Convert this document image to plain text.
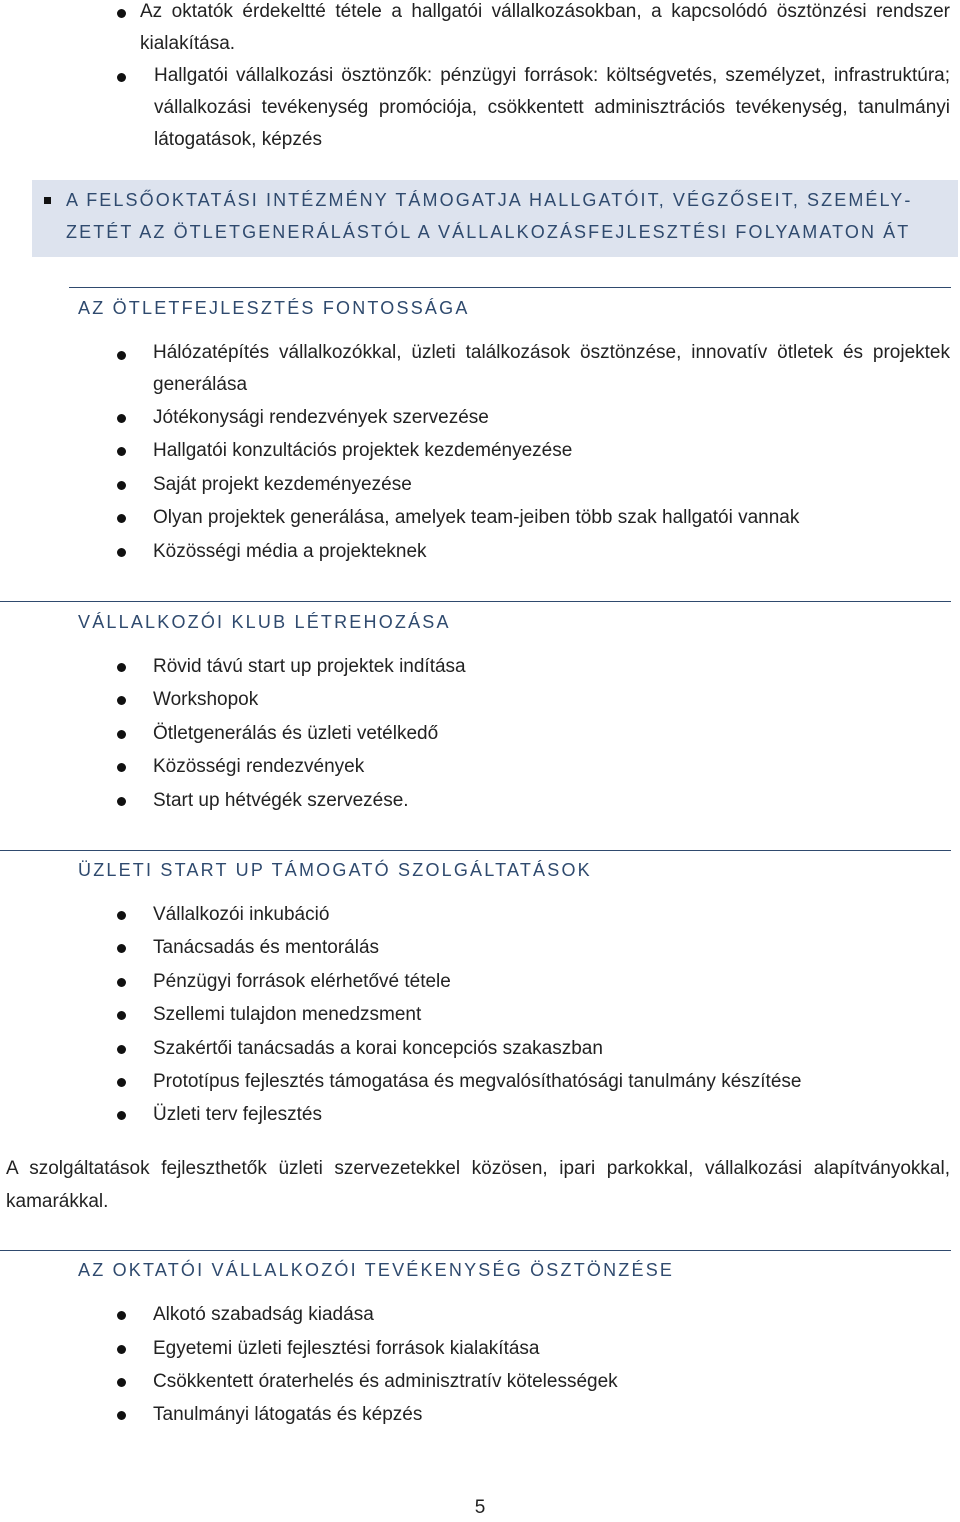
Az oktatók érdekeltté tétele a hallgatói vállalkozásokban, a kapcsolódó ösztönzési rendszer kialakítása.
Hallgatói vállalkozási ösztönzők: pénzügyi források: költségvetés, személyzet, infrastruktúra; vállalkozási tevékenység promóciója, csökkentett adminisztrációs tevékenység, tanulmányi látogatások, képzés
A FELSŐOKTATÁSI INTÉZMÉNY TÁMOGATJA HALLGATÓIT, VÉGZŐSEIT, SZEMÉLYZETÉT AZ ÖTLETGENERÁLÁSTÓL A VÁLLALKOZÁSFEJLESZTÉSI FOLYAMATON ÁT
AZ ÖTLETFEJLESZTÉS FONTOSSÁGA
Hálózatépítés vállalkozókkal, üzleti találkozások ösztönzése, innovatív ötletek és projektek generálása
Jótékonysági rendezvények szervezése
Hallgatói konzultációs projektek kezdeményezése
Saját projekt kezdeményezése
Olyan projektek generálása, amelyek team-jeiben több szak hallgatói vannak
Közösségi média a projekteknek
VÁLLALKOZÓI KLUB LÉTREHOZÁSA
Rövid távú start up projektek indítása
Workshopok
Ötletgenerálás és üzleti vetélkedő
Közösségi rendezvények
Start up hétvégék szervezése.
ÜZLETI START UP TÁMOGATÓ SZOLGÁLTATÁSOK
Vállalkozói inkubáció
Tanácsadás és mentorálás
Pénzügyi források elérhetővé tétele
Szellemi tulajdon menedzsment
Szakértői tanácsadás a korai koncepciós szakaszban
Prototípus fejlesztés támogatása és megvalósíthatósági tanulmány készítése
Üzleti terv fejlesztés
A szolgáltatások fejleszthetők üzleti szervezetekkel közösen, ipari parkokkal, vállalkozási alapítványokkal, kamarákkal.
AZ OKTATÓI VÁLLALKOZÓI TEVÉKENYSÉG ÖSZTÖNZÉSE
Alkotó szabadság kiadása
Egyetemi üzleti fejlesztési források kialakítása
Csökkentett óraterhelés és adminisztratív kötelességek
Tanulmányi látogatás és képzés
5
